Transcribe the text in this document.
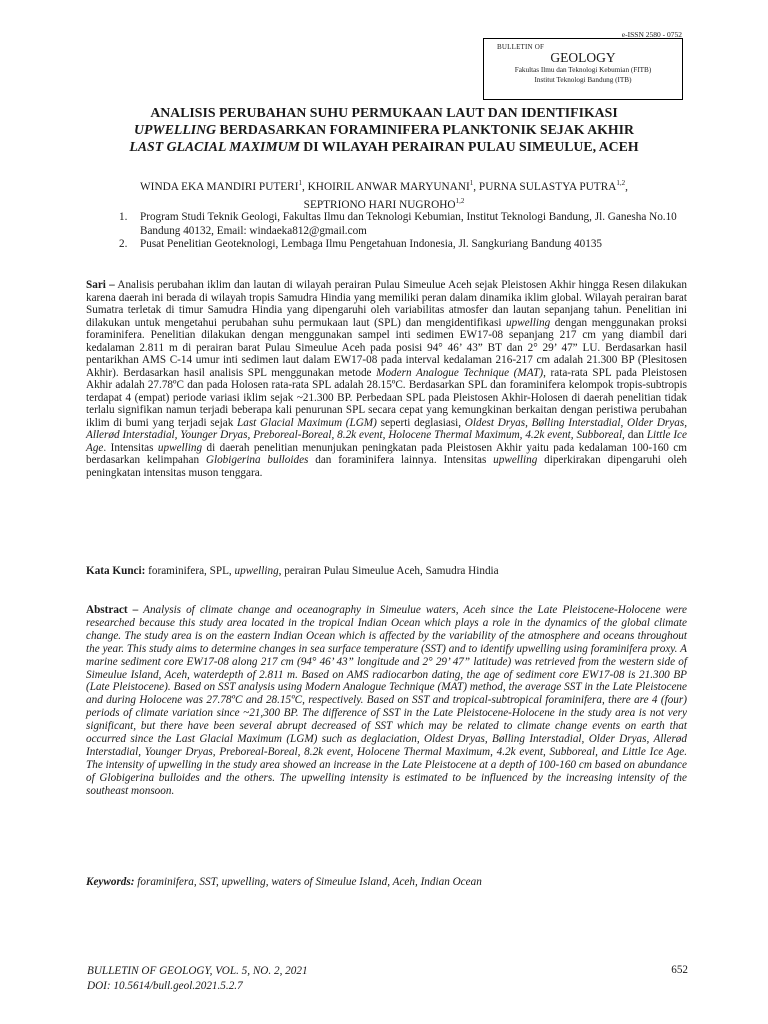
e-ISSN 2580 - 0752
BULLETIN OF
GEOLOGY
Fakultas Ilmu dan Teknologi Kebumian (FITB)
Institut Teknologi Bandung (ITB)
ANALISIS PERUBAHAN SUHU PERMUKAAN LAUT DAN IDENTIFIKASI
UPWELLING BERDASARKAN FORAMINIFERA PLANKTONIK SEJAK AKHIR
LAST GLACIAL MAXIMUM DI WILAYAH PERAIRAN PULAU SIMEULUE, ACEH
WINDA EKA MANDIRI PUTERI$^1$, KHOIRIL ANWAR MARYUNANI$^1$, PURNA SULASTYA PUTRA$^{1,2}$,
SEPTRIONO HARI NUGROHO$^{1,2}$
1. Program Studi Teknik Geologi, Fakultas Ilmu dan Teknologi Kebumian, Institut Teknologi Bandung, Jl. Ganesha No.10 Bandung 40132, Email: windaeka812@gmail.com
2. Pusat Penelitian Geoteknologi, Lembaga Ilmu Pengetahuan Indonesia, Jl. Sangkuriang Bandung 40135
Sari – Analisis perubahan iklim dan lautan di wilayah perairan Pulau Simeulue Aceh sejak Pleistosen Akhir hingga Resen dilakukan karena daerah ini berada di wilayah tropis Samudra Hindia yang memiliki peran dalam dinamika iklim global. Wilayah perairan barat Sumatra terletak di timur Samudra Hindia yang dipengaruhi oleh variabilitas atmosfer dan lautan sepanjang tahun. Penelitian ini dilakukan untuk mengetahui perubahan suhu permukaan laut (SPL) dan mengidentifikasi upwelling dengan menggunakan proksi foraminifera. Penelitian dilakukan dengan menggunakan sampel inti sedimen EW17-08 sepanjang 217 cm yang diambil dari kedalaman 2.811 m di perairan barat Pulau Simeulue Aceh pada posisi 94° 46’ 43” BT dan 2° 29’ 47” LU. Berdasarkan hasil pentarikhan AMS C-14 umur inti sedimen laut dalam EW17-08 pada interval kedalaman 216-217 cm adalah 21.300 BP (Plesitosen Akhir). Berdasarkan hasil analisis SPL menggunakan metode Modern Analogue Technique (MAT), rata-rata SPL pada Pleistosen Akhir adalah 27.78ºC dan pada Holosen rata-rata SPL adalah 28.15ºC. Berdasarkan SPL dan foraminifera kelompok tropis-subtropis terdapat 4 (empat) periode variasi iklim sejak ~21.300 BP. Perbedaan SPL pada Pleistosen Akhir-Holosen di daerah penelitian tidak terlalu signifikan namun terjadi beberapa kali penurunan SPL secara cepat yang kemungkinan berkaitan dengan peristiwa perubahan iklim di bumi yang terjadi sejak Last Glacial Maximum (LGM) seperti deglasiasi, Oldest Dryas, Bølling Interstadial, Older Dryas, Allerød Interstadial, Younger Dryas, Preboreal-Boreal, 8.2k event, Holocene Thermal Maximum, 4.2k event, Subboreal, dan Little Ice Age. Intensitas upwelling di daerah penelitian menunjukan peningkatan pada Pleistosen Akhir yaitu pada kedalaman 100-160 cm berdasarkan kelimpahan Globigerina bulloides dan foraminifera lainnya. Intensitas upwelling diperkirakan dipengaruhi oleh peningkatan intensitas muson tenggara.
Kata Kunci: foraminifera, SPL, upwelling, perairan Pulau Simeulue Aceh, Samudra Hindia
Abstract – Analysis of climate change and oceanography in Simeulue waters, Aceh since the Late Pleistocene-Holocene were researched because this study area located in the tropical Indian Ocean which plays a role in the dynamics of the global climate change. The study area is on the eastern Indian Ocean which is affected by the variability of the atmosphere and oceans throughout the year. This study aims to determine changes in sea surface temperature (SST) and to identify upwelling using foraminifera proxy. A marine sediment core EW17-08 along 217 cm (94° 46’ 43” longitude and 2° 29’ 47” latitude) was retrieved from the western side of Simeulue Island, Aceh, waterdepth of 2.811 m. Based on AMS radiocarbon dating, the age of sediment core EW17-08 is 21.300 BP (Late Pleistocene). Based on SST analysis using Modern Analogue Technique (MAT) method, the average SST in the Late Pleistocene and during Holocene was 27.78ºC and 28.15ºC, respectively. Based on SST and tropical-subtropical foraminifera, there are 4 (four) periods of climate variation since ~21,300 BP. The difference of SST in the Late Pleistocene-Holocene in the study area is not very significant, but there have been several abrupt decreased of SST which may be related to climate change events on earth that occurred since the Last Glacial Maximum (LGM) such as deglaciation, Oldest Dryas, Bølling Interstadial, Older Dryas, Allerød Interstadial, Younger Dryas, Preboreal-Boreal, 8.2k event, Holocene Thermal Maximum, 4.2k event, Subboreal, and Little Ice Age. The intensity of upwelling in the study area showed an increase in the Late Pleistocene at a depth of 100-160 cm based on abundance of Globigerina bulloides and the others. The upwelling intensity is estimated to be influenced by the increasing intensity of the southeast monsoon.
Keywords: foraminifera, SST, upwelling, waters of Simeulue Island, Aceh, Indian Ocean
BULLETIN OF GEOLOGY, VOL. 5, NO. 2, 2021
DOI: 10.5614/bull.geol.2021.5.2.7
652
